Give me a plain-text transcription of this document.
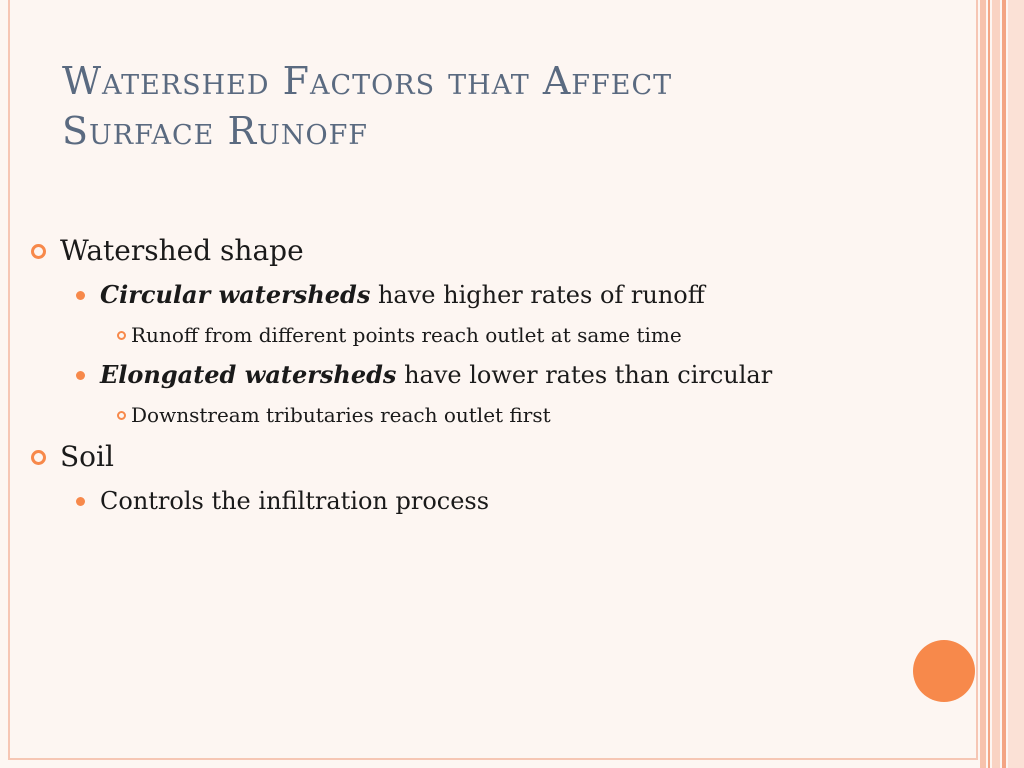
Watershed Factors that Affect
Surface Runoff
Watershed shape
Circular watersheds have higher rates of runoff
Runoff from different points reach outlet at same time
Elongated watersheds have lower rates than circular
Downstream tributaries reach outlet first
Soil
Controls the infiltration process
